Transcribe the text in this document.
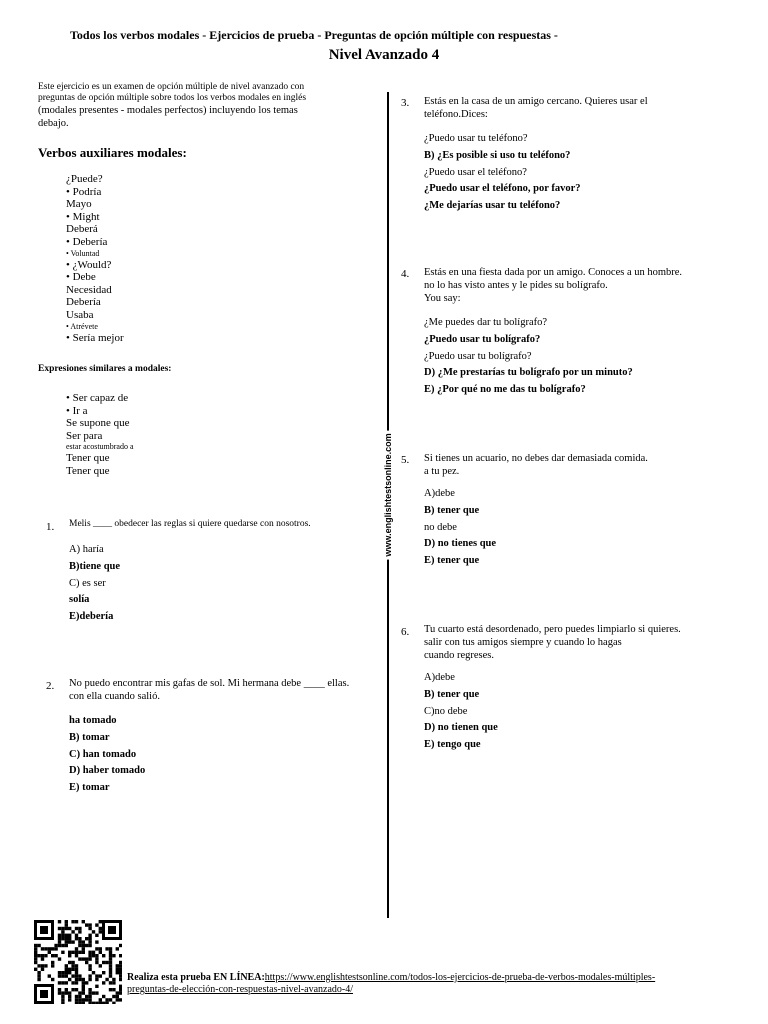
Todos los verbos modales - Ejercicios de prueba - Preguntas de opción múltiple con respuestas -
Nivel Avanzado 4
www.englishtestsonline.com
Este ejercicio es un examen de opción múltiple de nivel avanzado con
preguntas de opción múltiple sobre todos los verbos modales en inglés
(modales presentes - modales perfectos) incluyendo los temas
debajo.
Verbos auxiliares modales:
¿Puede?
• Podría
Mayo
• Might
Deberá
• Debería
• Voluntad
• ¿Would?
• Debe
Necesidad
Debería
Usaba
• Atrévete
• Sería mejor
Expresiones similares a modales:
• Ser capaz de
• Ir a
Se supone que
Ser para
estar acostumbrado a
Tener que
Tener que
1. Melis ____ obedecer las reglas si quiere quedarse con nosotros.
A) haría
B)tiene que
C) es ser
solía
E)debería
2. No puedo encontrar mis gafas de sol. Mi hermana debe ____ ellas.
con ella cuando salió.
ha tomado
B) tomar
C) han tomado
D) haber tomado
E) tomar
3. Estás en la casa de un amigo cercano. Quieres usar el
teléfono.Dices:
¿Puedo usar tu teléfono?
B) ¿Es posible si uso tu teléfono?
¿Puedo usar el teléfono?
¿Puedo usar el teléfono, por favor?
¿Me dejarías usar tu teléfono?
4. Estás en una fiesta dada por un amigo. Conoces a un hombre.
no lo has visto antes y le pides su bolígrafo.
You say:
¿Me puedes dar tu bolígrafo?
¿Puedo usar tu bolígrafo?
¿Puedo usar tu bolígrafo?
D) ¿Me prestarías tu bolígrafo por un minuto?
E) ¿Por qué no me das tu bolígrafo?
5. Si tienes un acuario, no debes dar demasiada comida.
a tu pez.
A)debe
B) tener que
no debe
D) no tienes que
E) tener que
6. Tu cuarto está desordenado, pero puedes limpiarlo si quieres.
salir con tus amigos siempre y cuando lo hagas
cuando regreses.
A)debe
B) tener que
C)no debe
D) no tienen que
E) tengo que
Realiza esta prueba EN LÍNEA:https://www.englishtestsonline.com/todos-los-ejercicios-de-prueba-de-verbos-modales-múltiples-
preguntas-de-elección-con-respuestas-nivel-avanzado-4/
